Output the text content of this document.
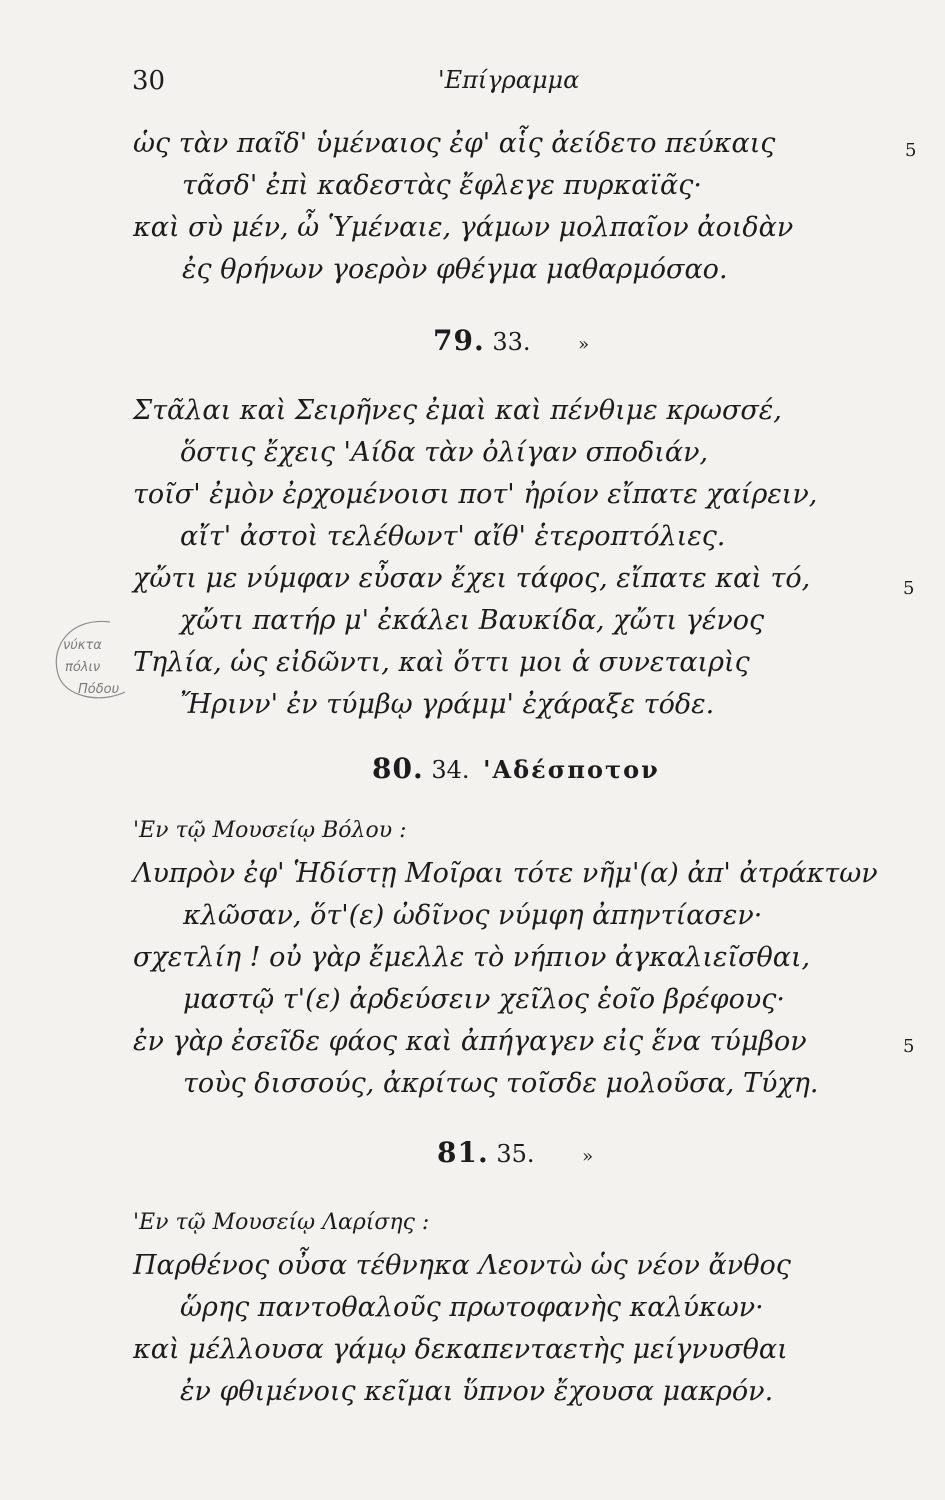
30	'Επίγραμμα
ὡς τὰν παῖδ' ὑμέναιος ἐφ' αἷς ἀείδετο πεύκαις
τᾶσδ' ἐπὶ καδεστὰς ἔφλεγε πυρκαϊᾶς·
καὶ σὺ μέν, ὦ Ὑμέναιε, γάμων μολπαῖον ἀοιδὰν
ἐς θρήνων γοερὸν φθέγμα μαθαρμόσαο.
5
79. 33.	»
Στᾶλαι καὶ Σειρῆνες ἐμαὶ καὶ πένθιμε κρωσσέ,
ὅστις ἔχεις 'Αίδα τὰν ὀλίγαν σποδιάν,
τοῖσ' ἐμὸν ἐρχομένοισι ποτ' ἠρίον εἴπατε χαίρειν,
αἴτ' ἀστοὶ τελέθωντ' αἴθ' ἑτεροπτόλιες.
χὤτι με νύμφαν εὖσαν ἔχει τάφος, εἴπατε καὶ τό,
χὤτι πατήρ μ' ἐκάλει Βαυκίδα, χὤτι γένος
Τηλία, ὡς εἰδῶντι, καὶ ὅττι μοι ἁ συνεταιρὶς
Ἤρινν' ἐν τύμβῳ γράμμ' ἐχάραξε τόδε.
5
νύκτα
πόλιν
Πόδου
80. 34. 'Αδέσποτον
'Εν τῷ Μουσείῳ Βόλου :
Λυπρὸν ἐφ' Ἡδίστῃ Μοῖραι τότε νῆμ'(α) ἀπ' ἀτράκτων
κλῶσαν, ὅτ'(ε) ὠδῖνος νύμφη ἀπηντίασεν·
σχετλίη ! οὐ γὰρ ἔμελλε τὸ νήπιον ἀγκαλιεῖσθαι,
μαστῷ τ'(ε) ἀρδεύσειν χεῖλος ἑοῖο βρέφους·
ἐν γὰρ ἐσεῖδε φάος καὶ ἀπήγαγεν εἰς ἕνα τύμβον
τοὺς δισσούς, ἀκρίτως τοῖσδε μολοῦσα, Τύχη.
5
81. 35.	»
'Εν τῷ Μουσείῳ Λαρίσης :
Παρθένος οὖσα τέθνηκα Λεοντὼ ὡς νέον ἄνθος
ὥρης παντοθαλοῦς πρωτοφανὴς καλύκων·
καὶ μέλλουσα γάμῳ δεκαπενταετὴς μείγνυσθαι
ἐν φθιμένοις κεῖμαι ὕπνον ἔχουσα μακρόν.
